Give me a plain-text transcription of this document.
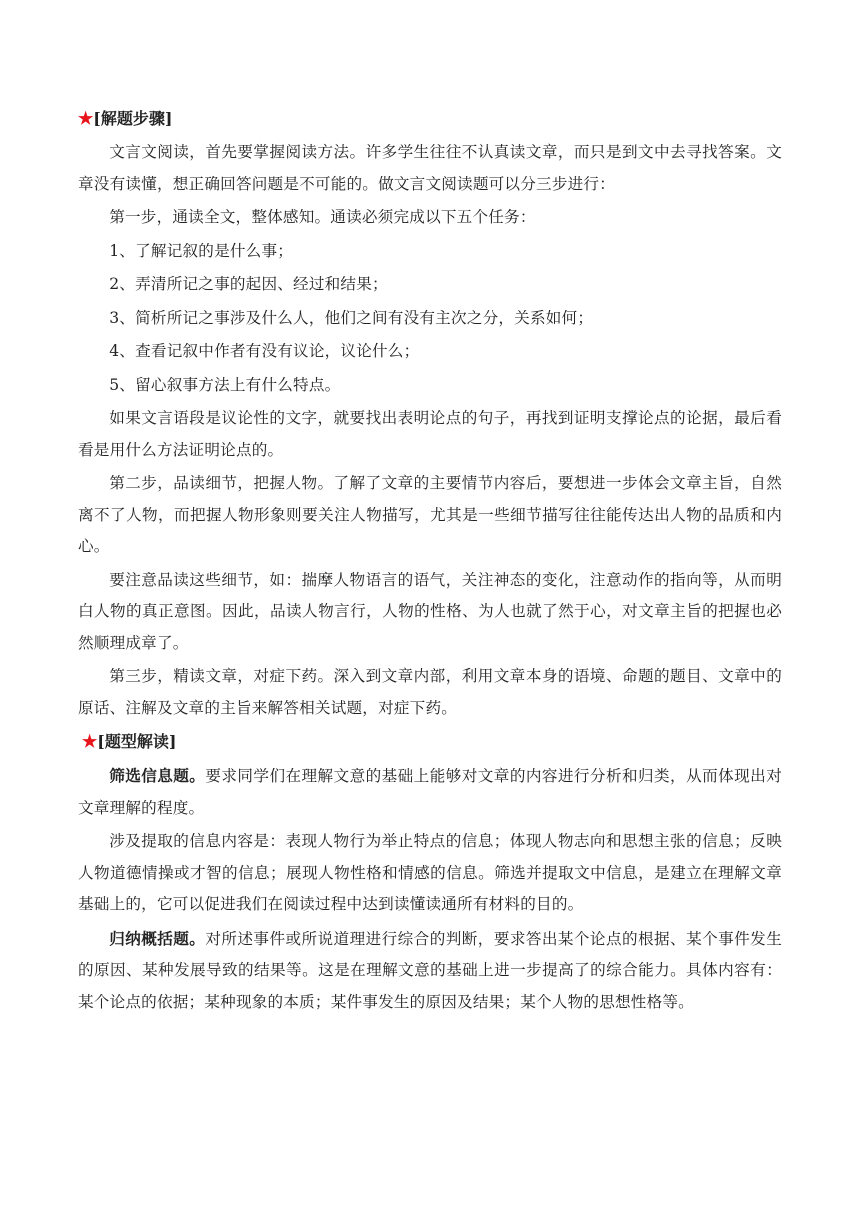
★[解题步骤]

文言文阅读，首先要掌握阅读方法。许多学生往往不认真读文章，而只是到文中去寻找答案。文章没有读懂，想正确回答问题是不可能的。做文言文阅读题可以分三步进行：

第一步，通读全文，整体感知。通读必须完成以下五个任务：

1、了解记叙的是什么事；

2、弄清所记之事的起因、经过和结果；

3、简析所记之事涉及什么人，他们之间有没有主次之分，关系如何；

4、查看记叙中作者有没有议论，议论什么；

5、留心叙事方法上有什么特点。

如果文言语段是议论性的文字，就要找出表明论点的句子，再找到证明支撑论点的论据，最后看看是用什么方法证明论点的。

第二步，品读细节，把握人物。了解了文章的主要情节内容后，要想进一步体会文章主旨，自然离不了人物，而把握人物形象则要关注人物描写，尤其是一些细节描写往往能传达出人物的品质和内心。

要注意品读这些细节，如：揣摩人物语言的语气，关注神态的变化，注意动作的指向等，从而明白人物的真正意图。因此，品读人物言行，人物的性格、为人也就了然于心，对文章主旨的把握也必然顺理成章了。

第三步，精读文章，对症下药。深入到文章内部，利用文章本身的语境、命题的题目、文章中的原话、注解及文章的主旨来解答相关试题，对症下药。

★[题型解读]

筛选信息题。要求同学们在理解文意的基础上能够对文章的内容进行分析和归类，从而体现出对文章理解的程度。

涉及提取的信息内容是：表现人物行为举止特点的信息；体现人物志向和思想主张的信息；反映人物道德情操或才智的信息；展现人物性格和情感的信息。筛选并提取文中信息，是建立在理解文章基础上的，它可以促进我们在阅读过程中达到读懂读通所有材料的目的。

归纳概括题。对所述事件或所说道理进行综合的判断，要求答出某个论点的根据、某个事件发生的原因、某种发展导致的结果等。这是在理解文意的基础上进一步提高了的综合能力。具体内容有：某个论点的依据；某种现象的本质；某件事发生的原因及结果；某个人物的思想性格等。
